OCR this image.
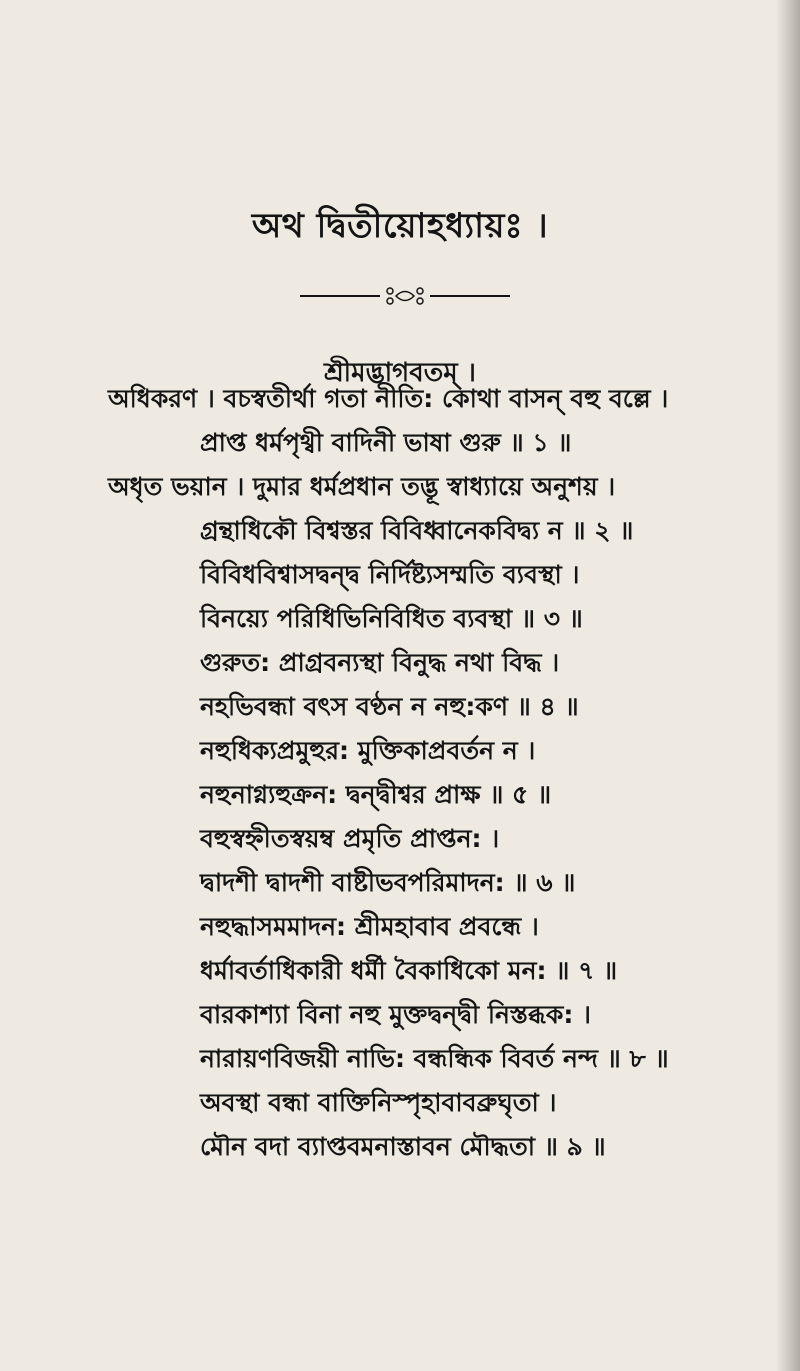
অথ দ্বিতীয়োহধ্যায়ঃ ।
শ্রীমদ্ভাগবতম্ ।
অধিকরণ । বচস্বতীর্থা গতা নীতি: কোথা বাসন্ বহু বল্লে ।
প্রাপ্ত ধর্মপৃথ্বী বাদিনী ভাষা গুরু ॥ ১ ॥
অধৃত ভয়ান । দুমার ধর্মপ্রধান তদ্ভূ স্বাধ্যায়ে অনুশয় ।
গ্রন্থাধিকৌ বিশ্বস্তর বিবিধ্বানেকবিদ্ব্য ন ॥ ২ ॥
বিবিধবিশ্বাসদ্বন্দ্ব নির্দিষ্ট্যসম্মতি ব্যবস্থা ।
বিনয়্যে পরিধিভিনিবিধিত ব্যবস্থা ॥ ৩ ॥
গুরুত: প্রাগ্রবন্যস্থা বিনুদ্ধ নথা বিদ্ধ ।
নহভিবন্ধা বৎস বণ্ঠন ন নহু:কণ ॥ ৪ ॥
নহুধিক্যপ্রমুহুর: মুক্তিকাপ্রবর্তন ন ।
নহুনাগ্ন্যহুক্রন: দ্বন্দ্বীশ্বর প্রাক্ষ ॥ ৫ ॥
বহুস্বহ্নীতস্বয়ম্ব প্রমৃতি প্রাপ্তন: ।
দ্বাদশী দ্বাদশী বাষ্টীভবপরিমাদন: ॥ ৬ ॥
নহুদ্ধাসমমাদন: শ্রীমহাবাব প্রবন্ধে ।
ধর্মাবর্তাধিকারী ধর্মী বৈকাধিকো মন: ॥ ৭ ॥
বারকাশ্যা বিনা নহু মুক্তদ্বন্দ্বী নিস্তব্ধক: ।
নারায়ণবিজয়ী নাভি: বন্ধন্ধিক বিবর্ত নন্দ ॥ ৮ ॥
অবস্থা বন্ধা বাক্তিনিস্পৃহাবাবব্রুঘৃতা ।
মৌন বদা ব্যাপ্তবমনাস্তাবন মৌদ্ধতা ॥ ৯ ॥
